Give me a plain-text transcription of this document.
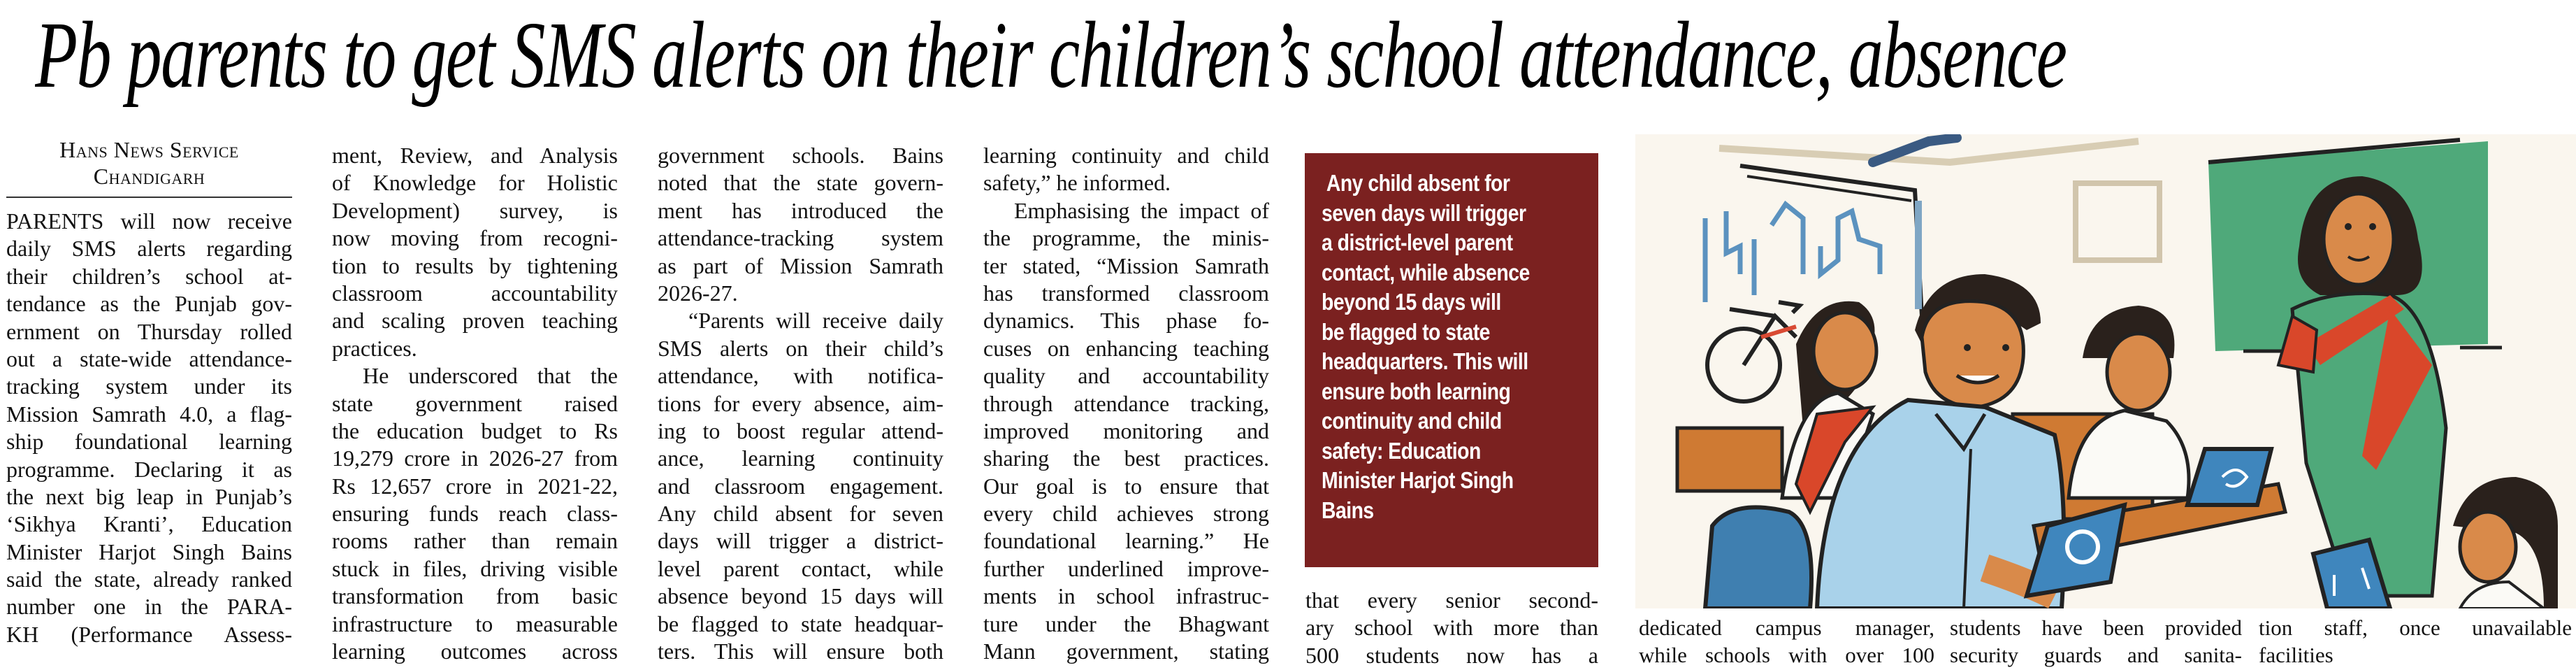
Pb parents to get SMS alerts on their children’s school attendance, absence
Hans News Service
Chandigarh
PARENTS will now receive
daily SMS alerts regarding
their children’s school at-
tendance as the Punjab gov-
ernment on Thursday rolled
out a state-wide attendance-
tracking system under its
Mission Samrath 4.0, a flag-
ship foundational learning
programme. Declaring it as
the next big leap in Punjab’s
‘Sikhya Kranti’, Education
Minister Harjot Singh Bains
said the state, already ranked
number one in the PARA-
KH (Performance Assess-
ment, Review, and Analysis
of Knowledge for Holistic
Development) survey, is
now moving from recogni-
tion to results by tightening
classroom accountability
and scaling proven teaching
practices.
He underscored that the
state government raised
the education budget to Rs
19,279 crore in 2026-27 from
Rs 12,657 crore in 2021-22,
ensuring funds reach class-
rooms rather than remain
stuck in files, driving visible
transformation from basic
infrastructure to measurable
learning outcomes across
government schools. Bains
noted that the state govern-
ment has introduced the
attendance-tracking system
as part of Mission Samrath
2026-27.
“Parents will receive daily
SMS alerts on their child’s
attendance, with notifica-
tions for every absence, aim-
ing to boost regular attend-
ance, learning continuity
and classroom engagement.
Any child absent for seven
days will trigger a district-
level parent contact, while
absence beyond 15 days will
be flagged to state headquar-
ters. This will ensure both
learning continuity and child
safety,” he informed.
Emphasising the impact of
the programme, the minis-
ter stated, “Mission Samrath
has transformed classroom
dynamics. This phase fo-
cuses on enhancing teaching
quality and accountability
through attendance tracking,
improved monitoring and
sharing the best practices.
Our goal is to ensure that
every child achieves strong
foundational learning.” He
further underlined improve-
ments in school infrastruc-
ture under the Bhagwant
Mann government, stating
Any child absent for
seven days will trigger
a district-level parent
contact, while absence
beyond 15 days will
be flagged to state
headquarters. This will
ensure both learning
continuity and child
safety: Education
Minister Harjot Singh
Bains
that every senior second-
ary school with more than
500 students now has a
dedicated campus manager,
while schools with over 100
students have been provided
security guards and sanita-
tion staff, once unavailable
facilities
